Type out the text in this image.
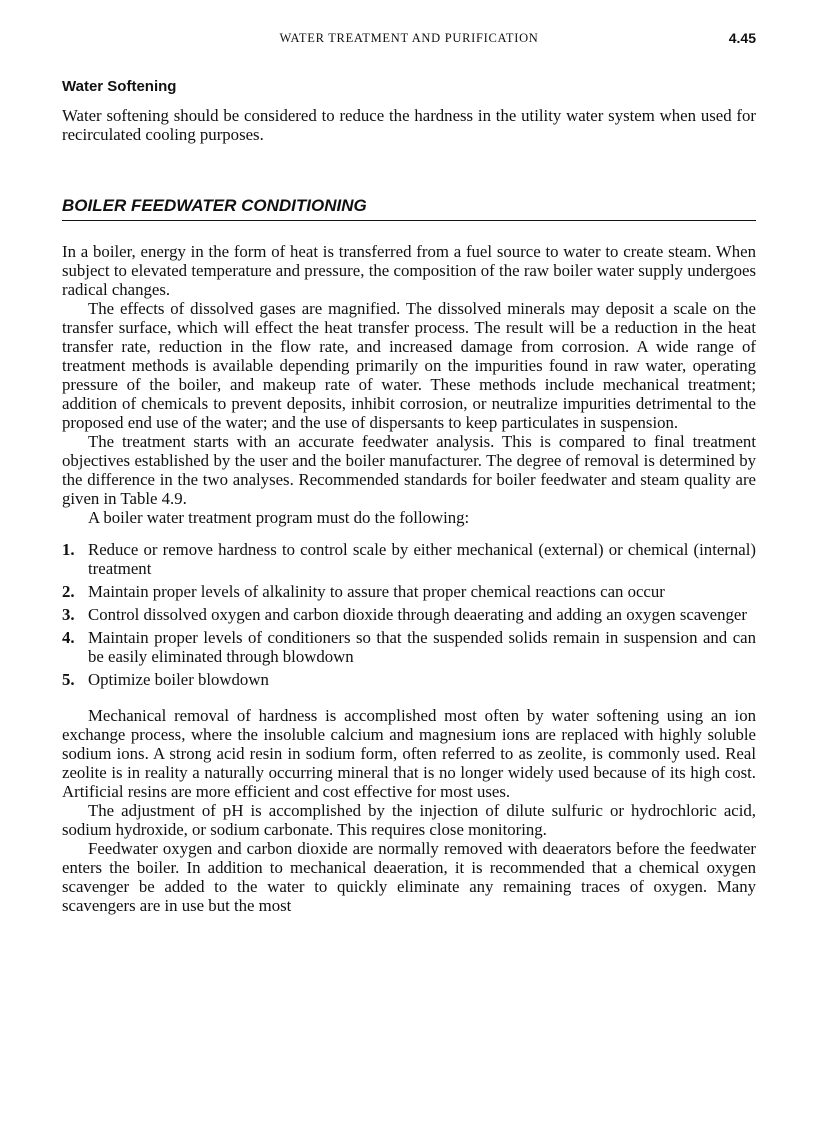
WATER TREATMENT AND PURIFICATION	4.45
Water Softening

Water softening should be considered to reduce the hardness in the utility water system when used for recirculated cooling purposes.

BOILER FEEDWATER CONDITIONING

In a boiler, energy in the form of heat is transferred from a fuel source to water to create steam. When subject to elevated temperature and pressure, the composition of the raw boiler water supply undergoes radical changes.

The effects of dissolved gases are magnified. The dissolved minerals may deposit a scale on the transfer surface, which will effect the heat transfer process. The result will be a reduction in the heat transfer rate, reduction in the flow rate, and increased damage from corrosion. A wide range of treatment methods is available depending primarily on the impurities found in raw water, operating pressure of the boiler, and makeup rate of water. These methods include mechanical treatment; addition of chemicals to prevent deposits, inhibit corrosion, or neutralize impurities detrimental to the proposed end use of the water; and the use of dispersants to keep particulates in suspension.

The treatment starts with an accurate feedwater analysis. This is compared to final treatment objectives established by the user and the boiler manufacturer. The degree of removal is determined by the difference in the two analyses. Recommended standards for boiler feedwater and steam quality are given in Table 4.9.

A boiler water treatment program must do the following:

1. Reduce or remove hardness to control scale by either mechanical (external) or chemical (internal) treatment
2. Maintain proper levels of alkalinity to assure that proper chemical reactions can occur
3. Control dissolved oxygen and carbon dioxide through deaerating and adding an oxygen scavenger
4. Maintain proper levels of conditioners so that the suspended solids remain in suspension and can be easily eliminated through blowdown
5. Optimize boiler blowdown

Mechanical removal of hardness is accomplished most often by water softening using an ion exchange process, where the insoluble calcium and magnesium ions are replaced with highly soluble sodium ions. A strong acid resin in sodium form, often referred to as zeolite, is commonly used. Real zeolite is in reality a naturally occurring mineral that is no longer widely used because of its high cost. Artificial resins are more efficient and cost effective for most uses.

The adjustment of pH is accomplished by the injection of dilute sulfuric or hydrochloric acid, sodium hydroxide, or sodium carbonate. This requires close monitoring.

Feedwater oxygen and carbon dioxide are normally removed with deaerators before the feedwater enters the boiler. In addition to mechanical deaeration, it is recommended that a chemical oxygen scavenger be added to the water to quickly eliminate any remaining traces of oxygen. Many scavengers are in use but the most
